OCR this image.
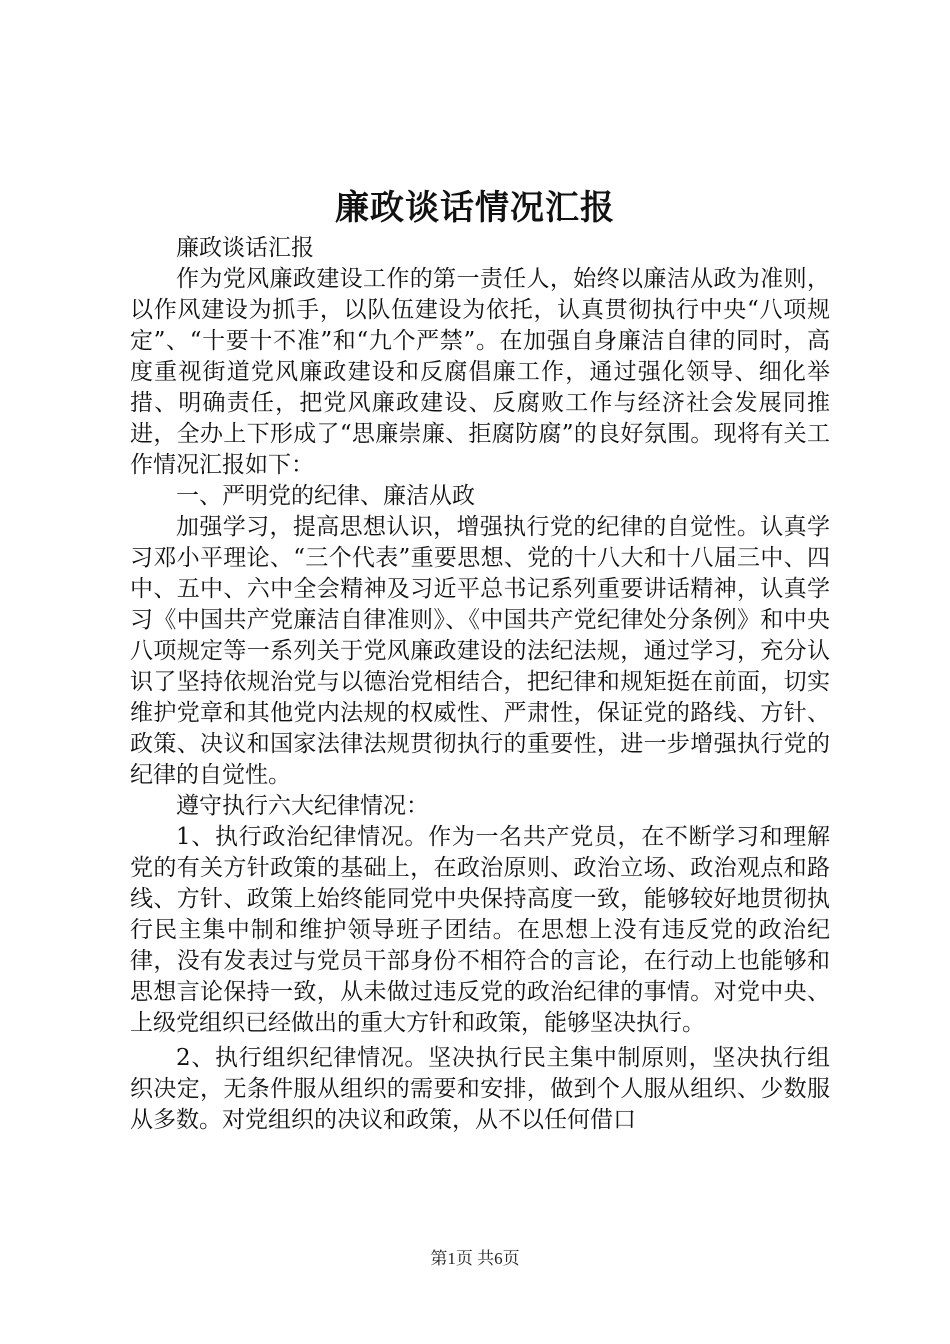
廉政谈话情况汇报

廉政谈话汇报

作为党风廉政建设工作的第一责任人，始终以廉洁从政为准则，以作风建设为抓手，以队伍建设为依托，认真贯彻执行中央“八项规定”、“十要十不准”和“九个严禁”。在加强自身廉洁自律的同时，高度重视街道党风廉政建设和反腐倡廉工作，通过强化领导、细化举措、明确责任，把党风廉政建设、反腐败工作与经济社会发展同推进，全办上下形成了“思廉崇廉、拒腐防腐”的良好氛围。现将有关工作情况汇报如下：

一、严明党的纪律、廉洁从政

加强学习，提高思想认识，增强执行党的纪律的自觉性。认真学习邓小平理论、“三个代表”重要思想、党的十八大和十八届三中、四中、五中、六中全会精神及习近平总书记系列重要讲话精神，认真学习《中国共产党廉洁自律准则》、《中国共产党纪律处分条例》和中央八项规定等一系列关于党风廉政建设的法纪法规，通过学习，充分认识了坚持依规治党与以德治党相结合，把纪律和规矩挺在前面，切实维护党章和其他党内法规的权威性、严肃性，保证党的路线、方针、政策、决议和国家法律法规贯彻执行的重要性，进一步增强执行党的纪律的自觉性。

遵守执行六大纪律情况：

1、执行政治纪律情况。作为一名共产党员，在不断学习和理解党的有关方针政策的基础上，在政治原则、政治立场、政治观点和路线、方针、政策上始终能同党中央保持高度一致，能够较好地贯彻执行民主集中制和维护领导班子团结。在思想上没有违反党的政治纪律，没有发表过与党员干部身份不相符合的言论，在行动上也能够和思想言论保持一致，从未做过违反党的政治纪律的事情。对党中央、上级党组织已经做出的重大方针和政策，能够坚决执行。

2、执行组织纪律情况。坚决执行民主集中制原则，坚决执行组织决定，无条件服从组织的需要和安排，做到个人服从组织、少数服从多数。对党组织的决议和政策，从不以任何借口

第1页 共6页
